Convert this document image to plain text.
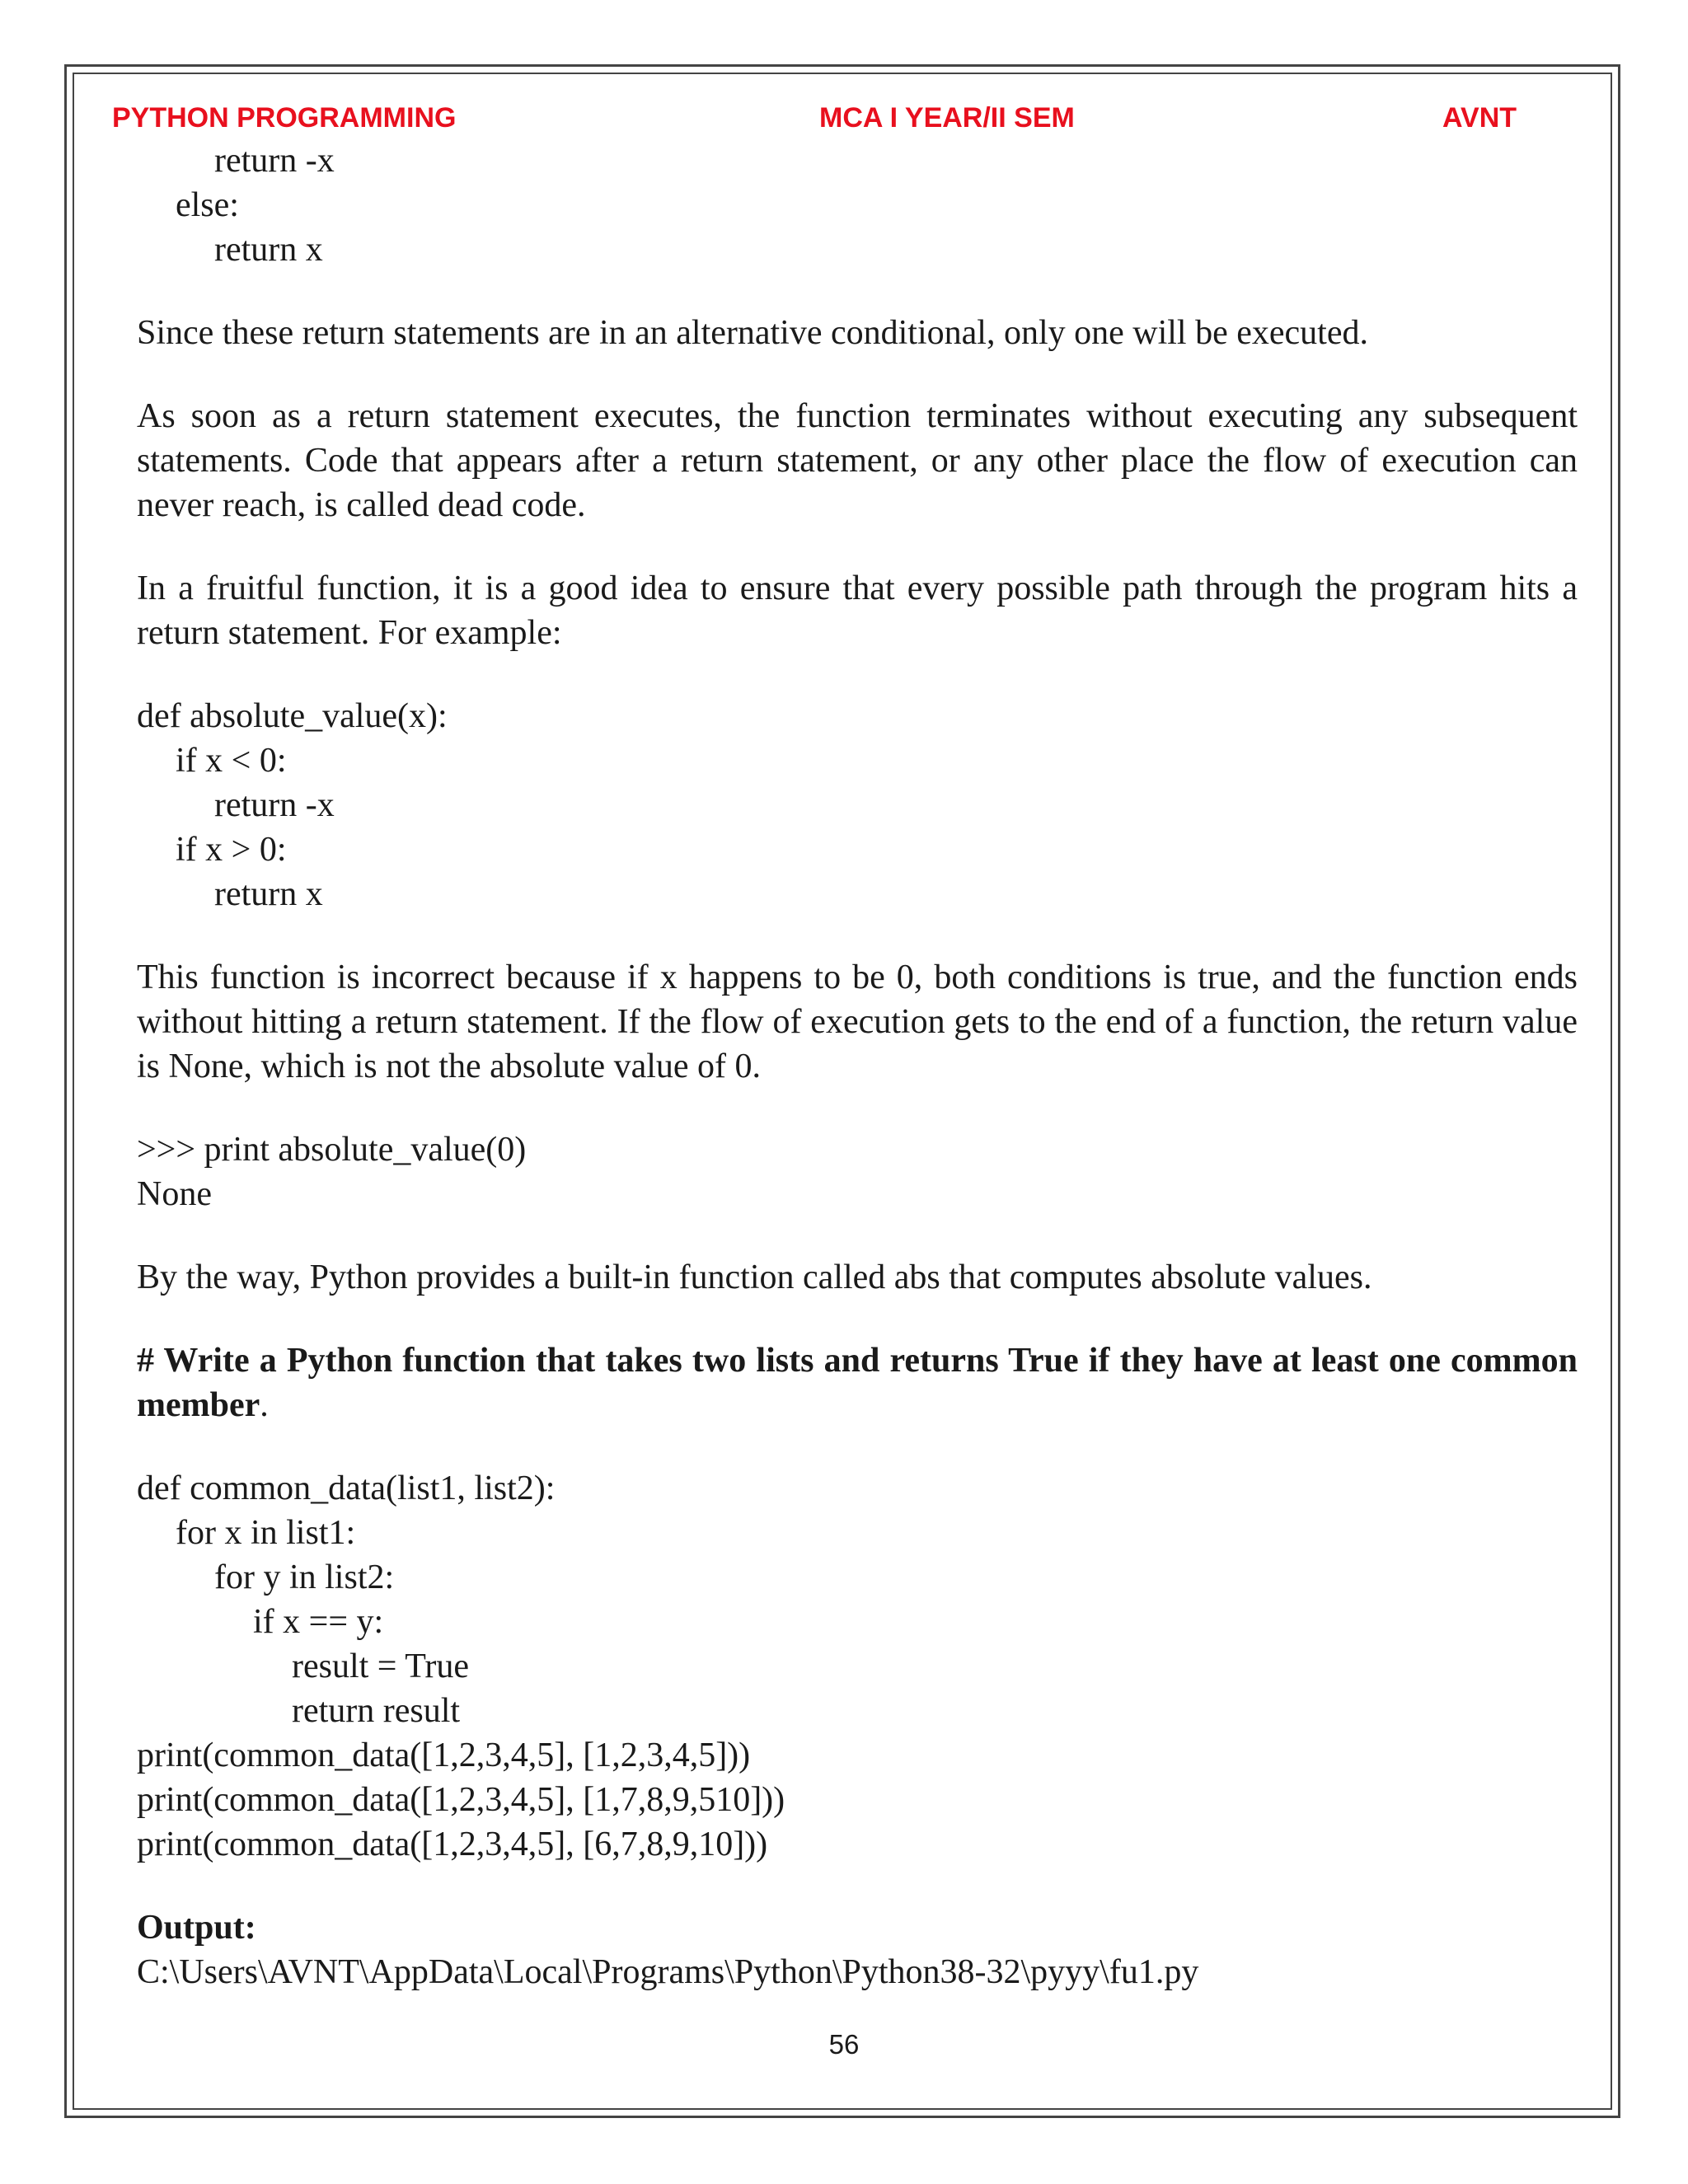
PYTHON PROGRAMMING	MCA I YEAR/II SEM	AVNT
return -x
else:
return x
Since these return statements are in an alternative conditional, only one will be executed.
As soon as a return statement executes, the function terminates without executing any subsequent statements. Code that appears after a return statement, or any other place the flow of execution can never reach, is called dead code.
In a fruitful function, it is a good idea to ensure that every possible path through the program hits a return statement. For example:
def absolute_value(x):
if x < 0:
return -x
if x > 0:
return x
This function is incorrect because if x happens to be 0, both conditions is true, and the function ends without hitting a return statement. If the flow of execution gets to the end of a function, the return value is None, which is not the absolute value of 0.
>>> print absolute_value(0)
None
By the way, Python provides a built-in function called abs that computes absolute values.
# Write a Python function that takes two lists and returns True if they have at least one common member.
def common_data(list1, list2):
for x in list1:
for y in list2:
if x == y:
result = True
return result
print(common_data([1,2,3,4,5], [1,2,3,4,5]))
print(common_data([1,2,3,4,5], [1,7,8,9,510]))
print(common_data([1,2,3,4,5], [6,7,8,9,10]))
Output:
C:\Users\AVNT\AppData\Local\Programs\Python\Python38-32\pyyy\fu1.py
56
